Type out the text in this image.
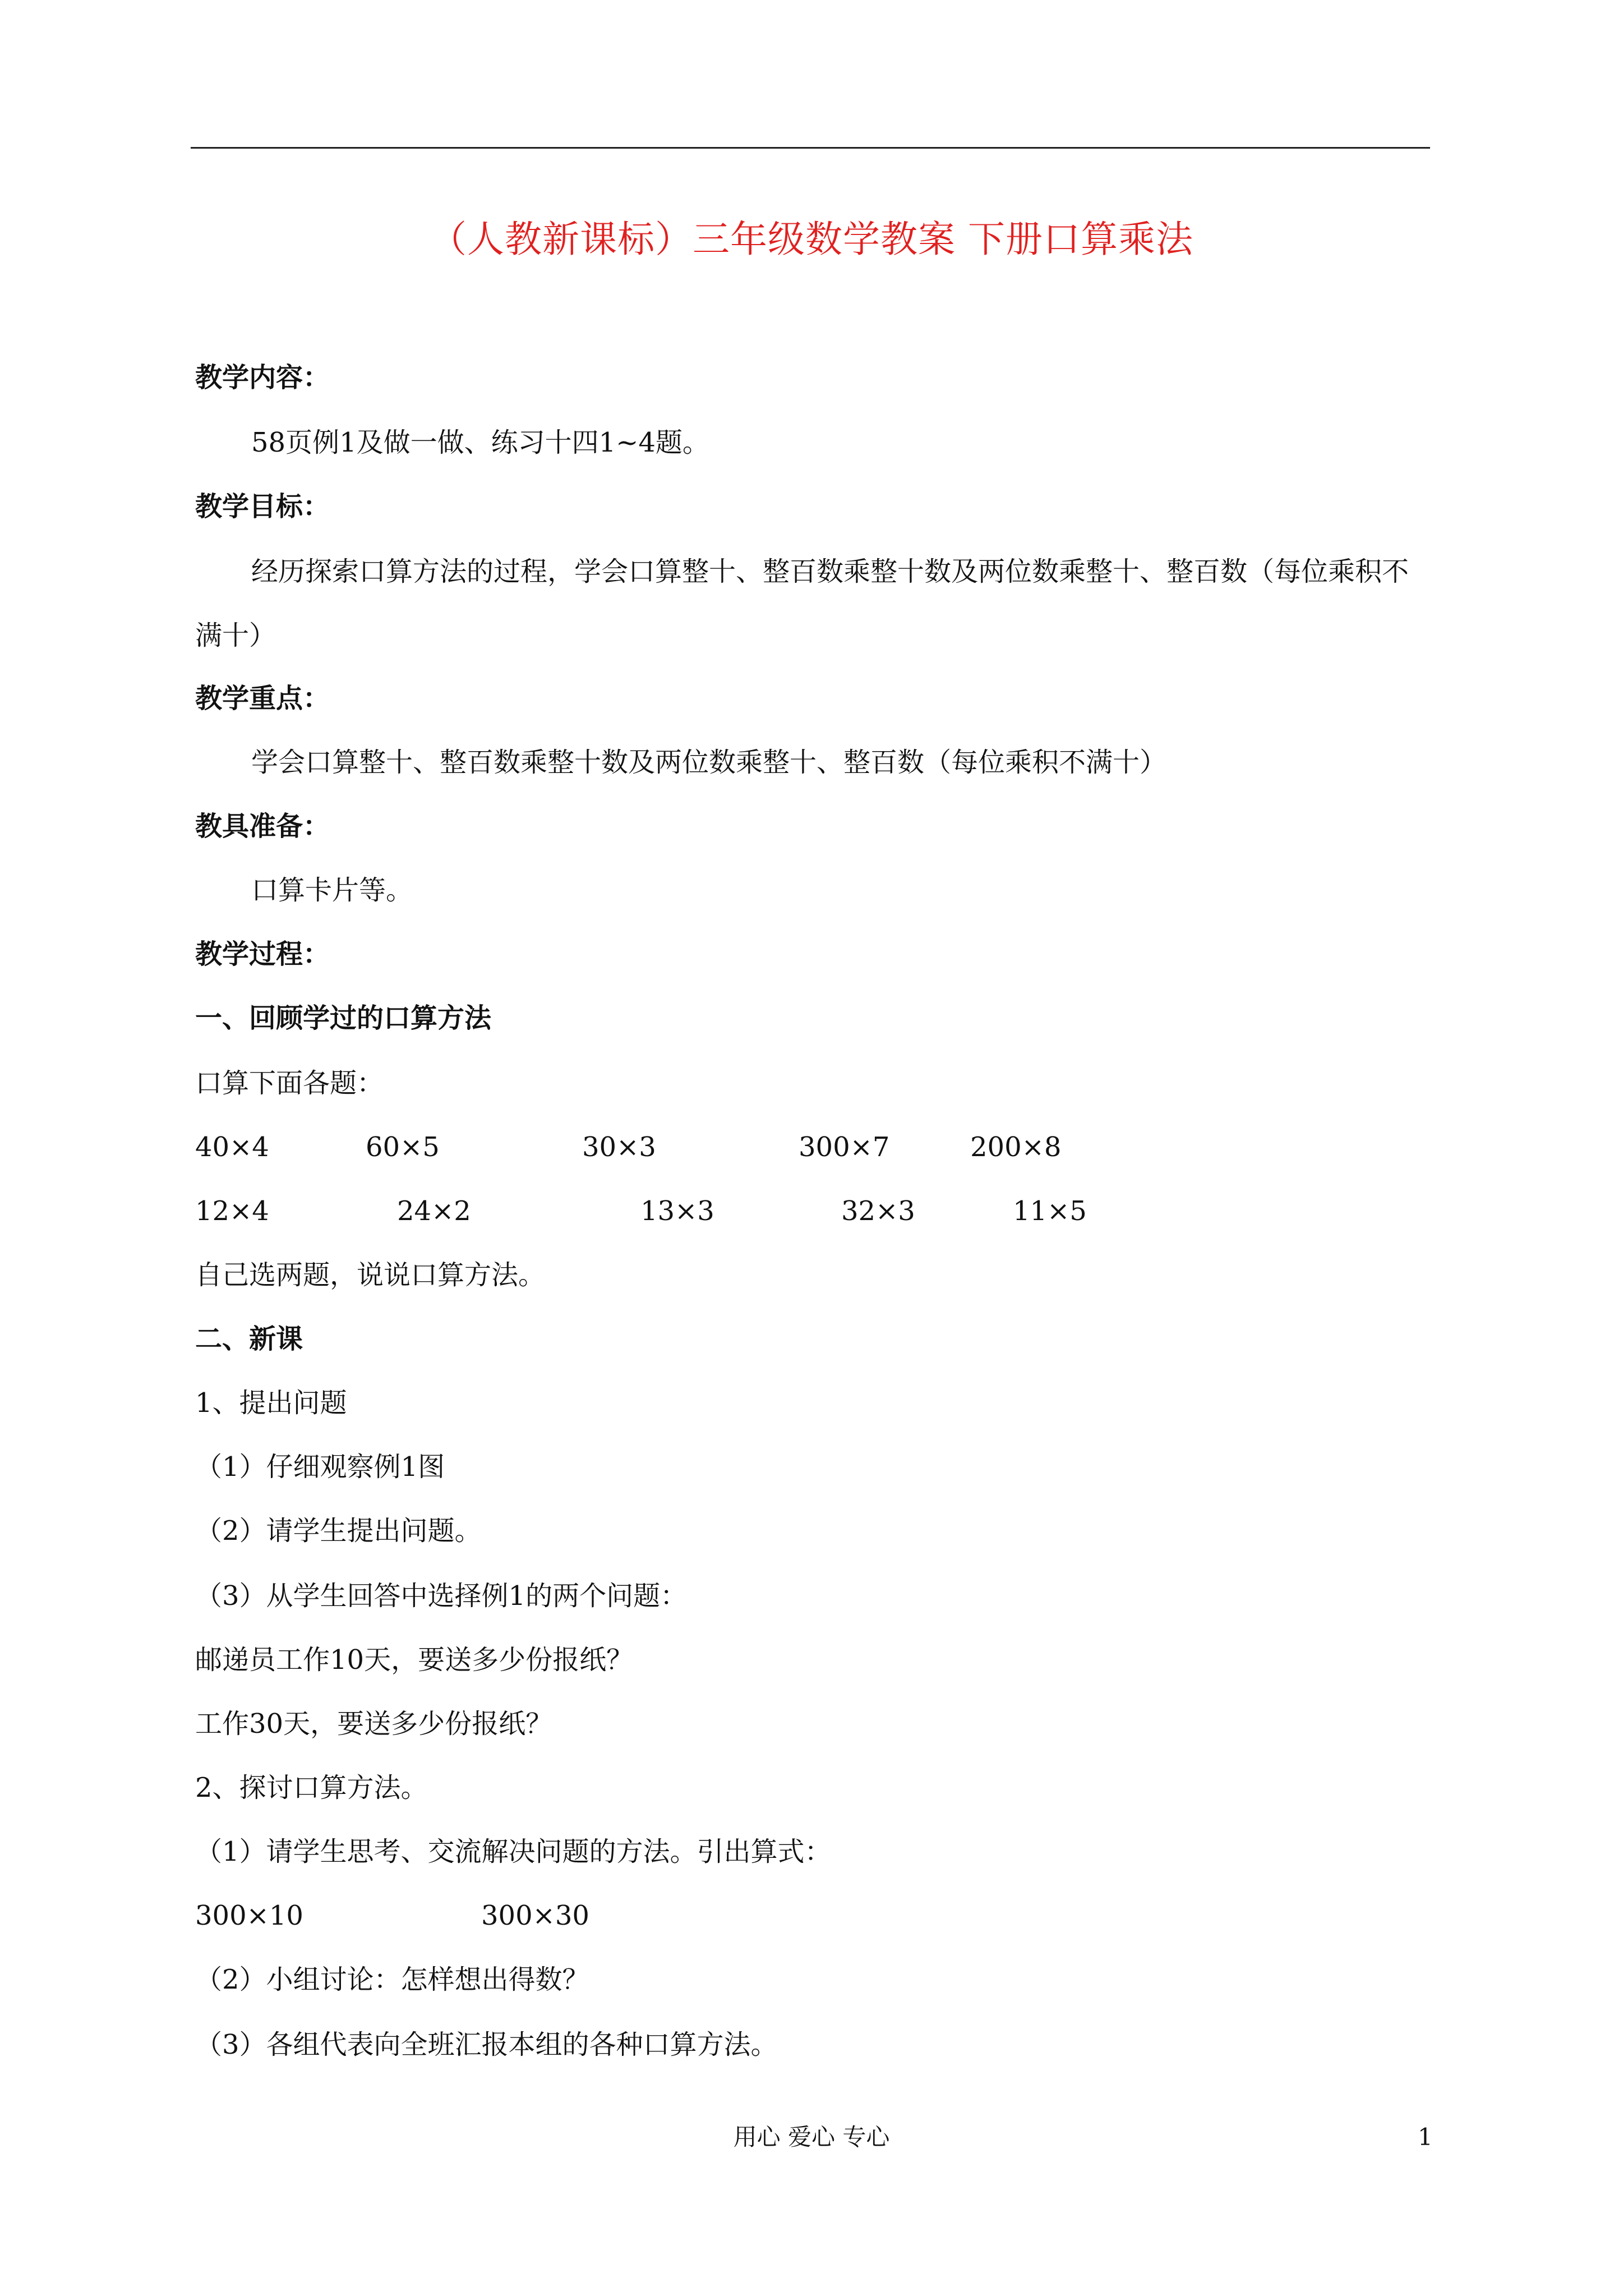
（人教新课标）三年级数学教案 下册口算乘法
教学内容：
58页例1及做一做、练习十四1~4题。
教学目标：
经历探索口算方法的过程，学会口算整十、整百数乘整十数及两位数乘整十、整百数（每位乘积不满十）
教学重点：
学会口算整十、整百数乘整十数及两位数乘整十、整百数（每位乘积不满十）
教具准备：
口算卡片等。
教学过程：
一、回顾学过的口算方法
口算下面各题：
40×4	60×5	30×3	300×7	200×8
12×4	24×2	13×3	32×3	11×5
自己选两题，说说口算方法。
二、新课
1、提出问题
（1）仔细观察例1图
（2）请学生提出问题。
（3）从学生回答中选择例1的两个问题：
邮递员工作10天，要送多少份报纸？
工作30天，要送多少份报纸？
2、探讨口算方法。
（1）请学生思考、交流解决问题的方法。引出算式：
300×10	300×30
（2）小组讨论：怎样想出得数？
（3）各组代表向全班汇报本组的各种口算方法。
用心 爱心 专心	1
